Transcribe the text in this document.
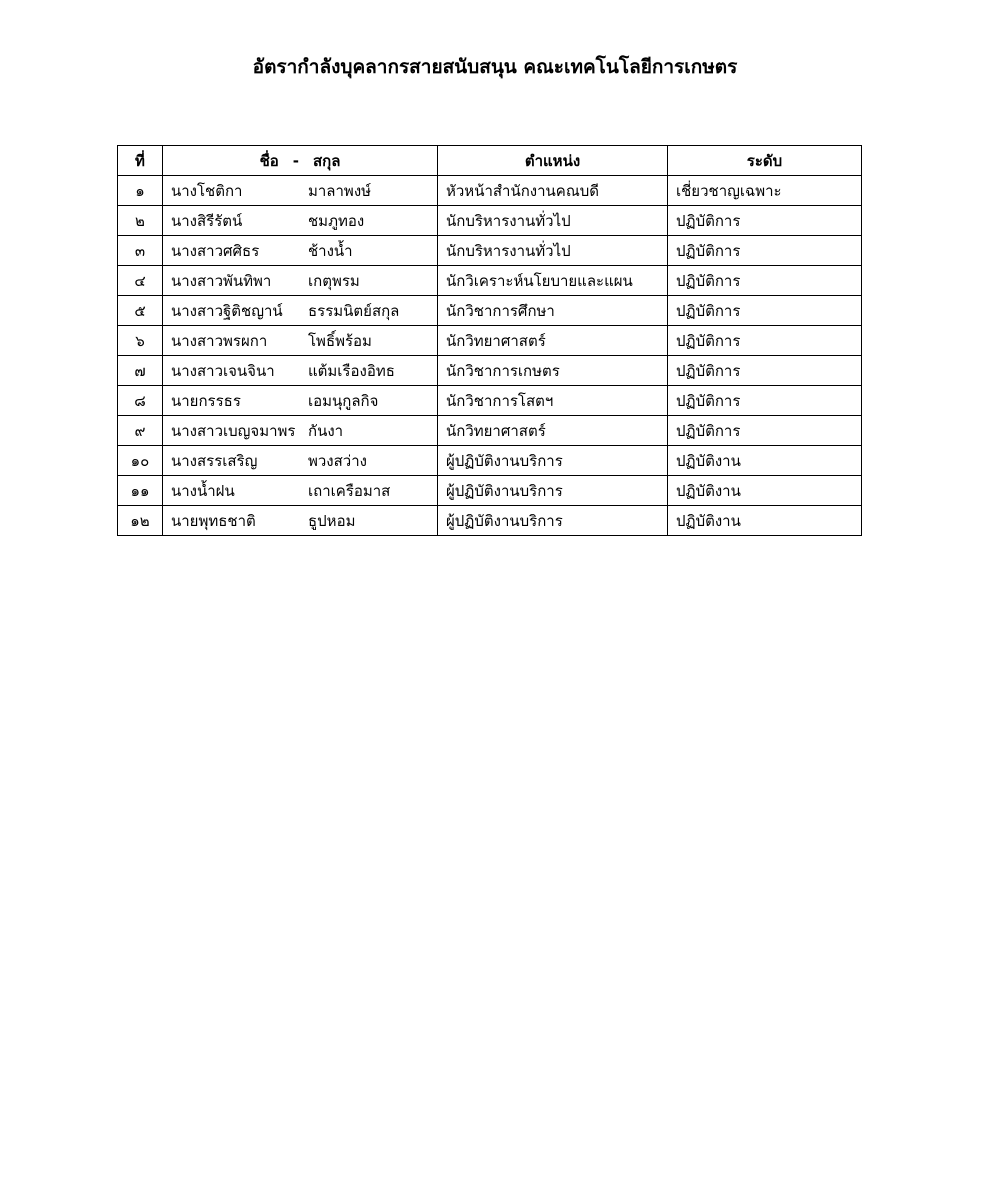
อัตรากำลังบุคลากรสายสนับสนุน คณะเทคโนโลยีการเกษตร
ที่	ชื่อ - สกุล	ตำแหน่ง	ระดับ
๑	นางโชติกา มาลาพงษ์	หัวหน้าสำนักงานคณบดี	เชี่ยวชาญเฉพาะ
๒	นางสิรีรัตน์ ชมภูทอง	นักบริหารงานทั่วไป	ปฏิบัติการ
๓	นางสาวศศิธร ช้างน้ำ	นักบริหารงานทั่วไป	ปฏิบัติการ
๔	นางสาวพันทิพา เกตุพรม	นักวิเคราะห์นโยบายและแผน	ปฏิบัติการ
๕	นางสาวฐิติชญาน์ ธรรมนิตย์สกุล	นักวิชาการศึกษา	ปฏิบัติการ
๖	นางสาวพรผกา โพธิ์พร้อม	นักวิทยาศาสตร์	ปฏิบัติการ
๗	นางสาวเจนจินา แต้มเรืองอิทธ	นักวิชาการเกษตร	ปฏิบัติการ
๘	นายกรรธร เอมนุกูลกิจ	นักวิชาการโสตฯ	ปฏิบัติการ
๙	นางสาวเบญจมาพร กันงา	นักวิทยาศาสตร์	ปฏิบัติการ
๑๐	นางสรรเสริญ พวงสว่าง	ผู้ปฏิบัติงานบริการ	ปฏิบัติงาน
๑๑	นางน้ำฝน เถาเครือมาส	ผู้ปฏิบัติงานบริการ	ปฏิบัติงาน
๑๒	นายพุทธชาติ ธูปหอม	ผู้ปฏิบัติงานบริการ	ปฏิบัติงาน
